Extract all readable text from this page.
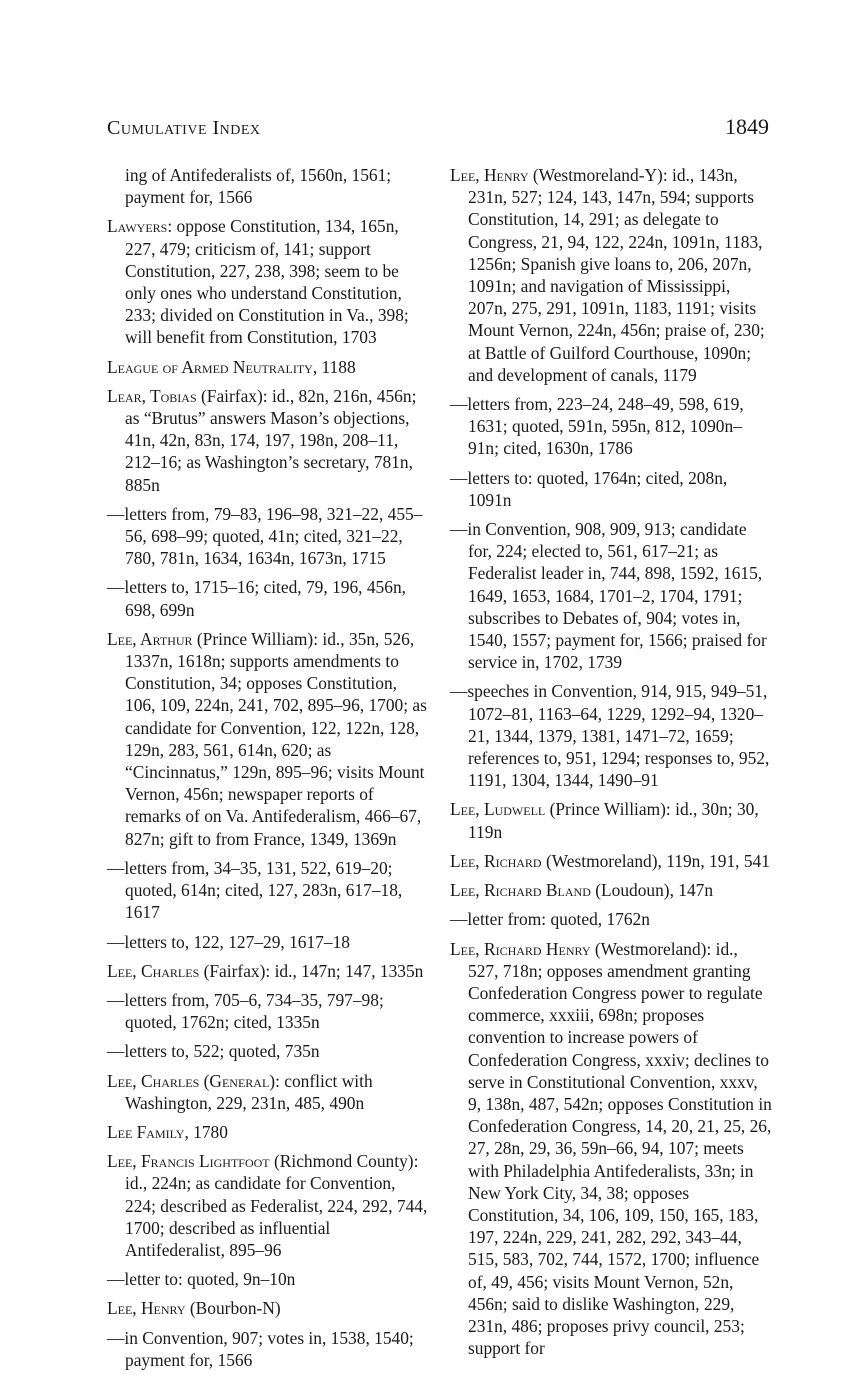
Cumulative Index	1849

ing of Antifederalists of, 1560n, 1561; payment for, 1566

Lawyers: oppose Constitution, 134, 165n, 227, 479; criticism of, 141; support Constitution, 227, 238, 398; seem to be only ones who understand Constitution, 233; divided on Constitution in Va., 398; will benefit from Constitution, 1703

League of Armed Neutrality, 1188

Lear, Tobias (Fairfax): id., 82n, 216n, 456n; as “Brutus” answers Mason’s objections, 41n, 42n, 83n, 174, 197, 198n, 208–11, 212–16; as Washington’s secretary, 781n, 885n

—letters from, 79–83, 196–98, 321–22, 455–56, 698–99; quoted, 41n; cited, 321–22, 780, 781n, 1634, 1634n, 1673n, 1715

—letters to, 1715–16; cited, 79, 196, 456n, 698, 699n

Lee, Arthur (Prince William): id., 35n, 526, 1337n, 1618n; supports amendments to Constitution, 34; opposes Constitution, 106, 109, 224n, 241, 702, 895–96, 1700; as candidate for Convention, 122, 122n, 128, 129n, 283, 561, 614n, 620; as “Cincinnatus,” 129n, 895–96; visits Mount Vernon, 456n; newspaper reports of remarks of on Va. Antifederalism, 466–67, 827n; gift to from France, 1349, 1369n

—letters from, 34–35, 131, 522, 619–20; quoted, 614n; cited, 127, 283n, 617–18, 1617

—letters to, 122, 127–29, 1617–18

Lee, Charles (Fairfax): id., 147n; 147, 1335n

—letters from, 705–6, 734–35, 797–98; quoted, 1762n; cited, 1335n

—letters to, 522; quoted, 735n

Lee, Charles (General): conflict with Washington, 229, 231n, 485, 490n

Lee Family, 1780

Lee, Francis Lightfoot (Richmond County): id., 224n; as candidate for Convention, 224; described as Federalist, 224, 292, 744, 1700; described as influential Antifederalist, 895–96

—letter to: quoted, 9n–10n

Lee, Henry (Bourbon-N)

—in Convention, 907; votes in, 1538, 1540; payment for, 1566

Lee, Henry (Westmoreland-Y): id., 143n, 231n, 527; 124, 143, 147n, 594; supports Constitution, 14, 291; as delegate to Congress, 21, 94, 122, 224n, 1091n, 1183, 1256n; Spanish give loans to, 206, 207n, 1091n; and navigation of Mississippi, 207n, 275, 291, 1091n, 1183, 1191; visits Mount Vernon, 224n, 456n; praise of, 230; at Battle of Guilford Courthouse, 1090n; and development of canals, 1179

—letters from, 223–24, 248–49, 598, 619, 1631; quoted, 591n, 595n, 812, 1090n–91n; cited, 1630n, 1786

—letters to: quoted, 1764n; cited, 208n, 1091n

—in Convention, 908, 909, 913; candidate for, 224; elected to, 561, 617–21; as Federalist leader in, 744, 898, 1592, 1615, 1649, 1653, 1684, 1701–2, 1704, 1791; subscribes to Debates of, 904; votes in, 1540, 1557; payment for, 1566; praised for service in, 1702, 1739

—speeches in Convention, 914, 915, 949–51, 1072–81, 1163–64, 1229, 1292–94, 1320–21, 1344, 1379, 1381, 1471–72, 1659; references to, 951, 1294; responses to, 952, 1191, 1304, 1344, 1490–91

Lee, Ludwell (Prince William): id., 30n; 30, 119n

Lee, Richard (Westmoreland), 119n, 191, 541

Lee, Richard Bland (Loudoun), 147n

—letter from: quoted, 1762n

Lee, Richard Henry (Westmoreland): id., 527, 718n; opposes amendment granting Confederation Congress power to regulate commerce, xxxiii, 698n; proposes convention to increase powers of Confederation Congress, xxxiv; declines to serve in Constitutional Convention, xxxv, 9, 138n, 487, 542n; opposes Constitution in Confederation Congress, 14, 20, 21, 25, 26, 27, 28n, 29, 36, 59n–66, 94, 107; meets with Philadelphia Antifederalists, 33n; in New York City, 34, 38; opposes Constitution, 34, 106, 109, 150, 165, 183, 197, 224n, 229, 241, 282, 292, 343–44, 515, 583, 702, 744, 1572, 1700; influence of, 49, 456; visits Mount Vernon, 52n, 456n; said to dislike Washington, 229, 231n, 486; proposes privy council, 253; support for
